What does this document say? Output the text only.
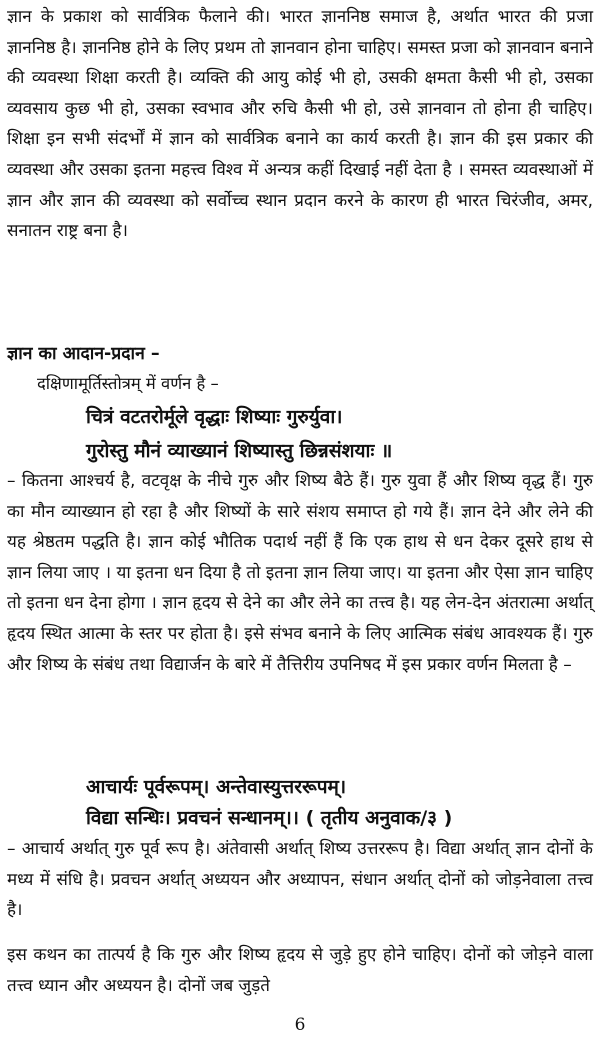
ज्ञान के प्रकाश को सार्वत्रिक फैलाने की। भारत ज्ञाननिष्ठ समाज है, अर्थात भारत की प्रजा ज्ञाननिष्ठ है। ज्ञाननिष्ठ होने के लिए प्रथम तो ज्ञानवान होना चाहिए। समस्त प्रजा को ज्ञानवान बनाने की व्यवस्था शिक्षा करती है। व्यक्ति की आयु कोई भी हो, उसकी क्षमता कैसी भी हो, उसका व्यवसाय कुछ भी हो, उसका स्वभाव और रुचि कैसी भी हो, उसे ज्ञानवान तो होना ही चाहिए। शिक्षा इन सभी संदर्भों में ज्ञान को सार्वत्रिक बनाने का कार्य करती है। ज्ञान की इस प्रकार की व्यवस्था और उसका इतना महत्त्व विश्व में अन्यत्र कहीं दिखाई नहीं देता है । समस्त व्यवस्थाओं में ज्ञान और ज्ञान की व्यवस्था को सर्वोच्च स्थान प्रदान करने के कारण ही भारत चिरंजीव, अमर, सनातन राष्ट्र बना है।

ज्ञान का आदान-प्रदान –

दक्षिणामूर्तिस्तोत्रम् में वर्णन है –

चित्रं वटतरोर्मूले वृद्धाः शिष्याः गुरुर्युवा।

गुरोस्तु मौनं व्याख्यानं शिष्यास्तु छिन्नसंशयाः ॥

– कितना आश्चर्य है, वटवृक्ष के नीचे गुरु और शिष्य बैठे हैं। गुरु युवा हैं और शिष्य वृद्ध हैं। गुरु का मौन व्याख्यान हो रहा है और शिष्यों के सारे संशय समाप्त हो गये हैं। ज्ञान देने और लेने की यह श्रेष्ठतम पद्धति है। ज्ञान कोई भौतिक पदार्थ नहीं हैं कि एक हाथ से धन देकर दूसरे हाथ से ज्ञान लिया जाए । या इतना धन दिया है तो इतना ज्ञान लिया जाए। या इतना और ऐसा ज्ञान चाहिए तो इतना धन देना होगा । ज्ञान हृदय से देने का और लेने का तत्त्व है। यह लेन-देन अंतरात्मा अर्थात् हृदय स्थित आत्मा के स्तर पर होता है। इसे संभव बनाने के लिए आत्मिक संबंध आवश्यक हैं। गुरु और शिष्य के संबंध तथा विद्यार्जन के बारे में तैत्तिरीय उपनिषद में इस प्रकार वर्णन मिलता है –

आचार्यः पूर्वरूपम्। अन्तेवास्युत्तररूपम्।

विद्या सन्धिः। प्रवचनं सन्धानम्।। ( तृतीय अनुवाक/३ )

– आचार्य अर्थात् गुरु पूर्व रूप है। अंतेवासी अर्थात् शिष्य उत्तररूप है। विद्या अर्थात् ज्ञान दोनों के मध्य में संधि है। प्रवचन अर्थात् अध्ययन और अध्यापन, संधान अर्थात् दोनों को जोड़नेवाला तत्त्व है।

इस कथन का तात्पर्य है कि गुरु और शिष्य हृदय से जुड़े हुए होने चाहिए। दोनों को जोड़ने वाला तत्त्व ध्यान और अध्ययन है। दोनों जब जुड़ते

6
